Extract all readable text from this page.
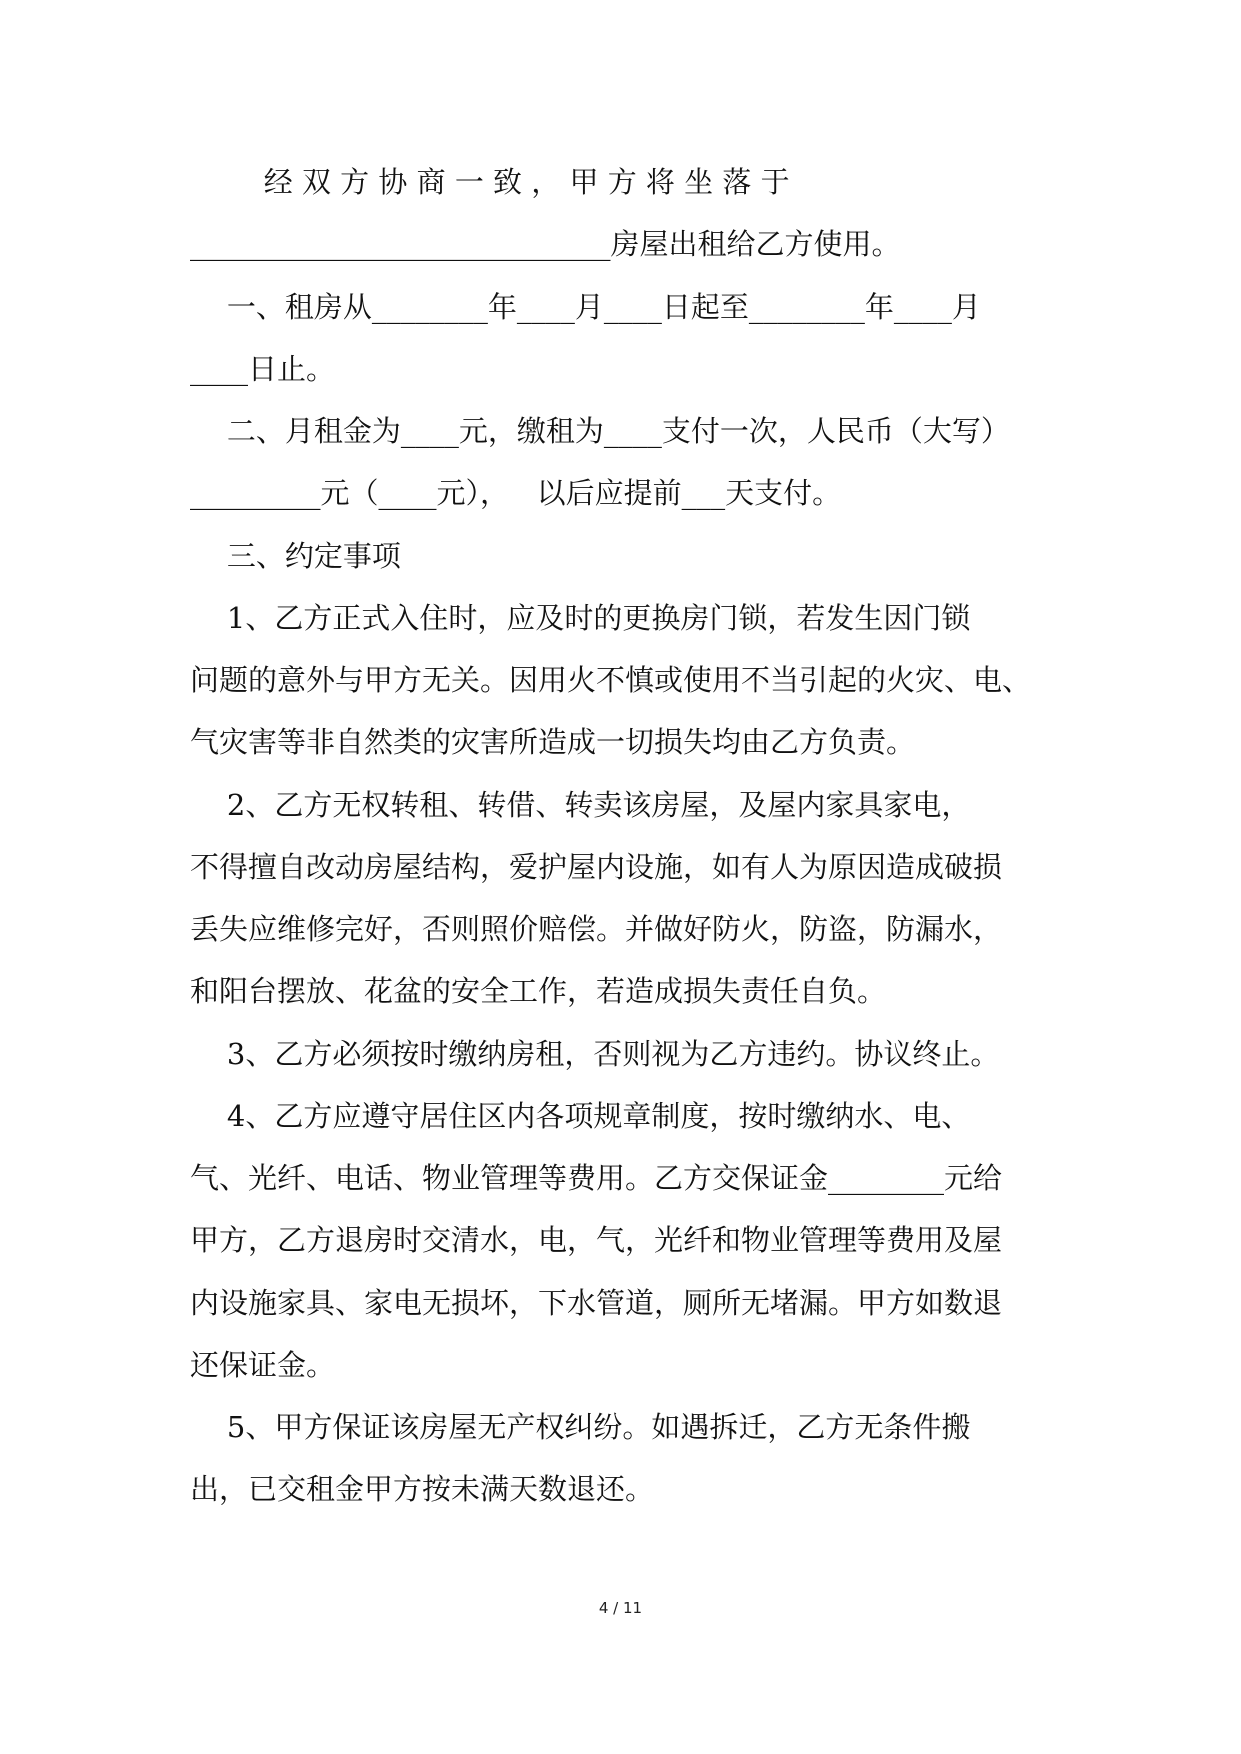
经 双 方 协 商 一 致 ， 甲 方 将 坐 落 于
_____________________________房屋出租给乙方使用。
一、租房从________年____月____日起至________年____月
____日止。
二、月租金为____元，缴租为____支付一次，人民币（大写）
_________元（____元），   以后应提前___天支付。
三、约定事项
1、乙方正式入住时，应及时的更换房门锁，若发生因门锁
问题的意外与甲方无关。因用火不慎或使用不当引起的火灾、电、
气灾害等非自然类的灾害所造成一切损失均由乙方负责。
2、乙方无权转租、转借、转卖该房屋，及屋内家具家电，
不得擅自改动房屋结构，爱护屋内设施，如有人为原因造成破损
丢失应维修完好，否则照价赔偿。并做好防火，防盗，防漏水，
和阳台摆放、花盆的安全工作，若造成损失责任自负。
3、乙方必须按时缴纳房租，否则视为乙方违约。协议终止。
4、乙方应遵守居住区内各项规章制度，按时缴纳水、电、
气、光纤、电话、物业管理等费用。乙方交保证金________元给
甲方，乙方退房时交清水，电，气，光纤和物业管理等费用及屋
内设施家具、家电无损坏，下水管道，厕所无堵漏。甲方如数退
还保证金。
5、甲方保证该房屋无产权纠纷。如遇拆迁，乙方无条件搬
出，已交租金甲方按未满天数退还。
4 / 11
